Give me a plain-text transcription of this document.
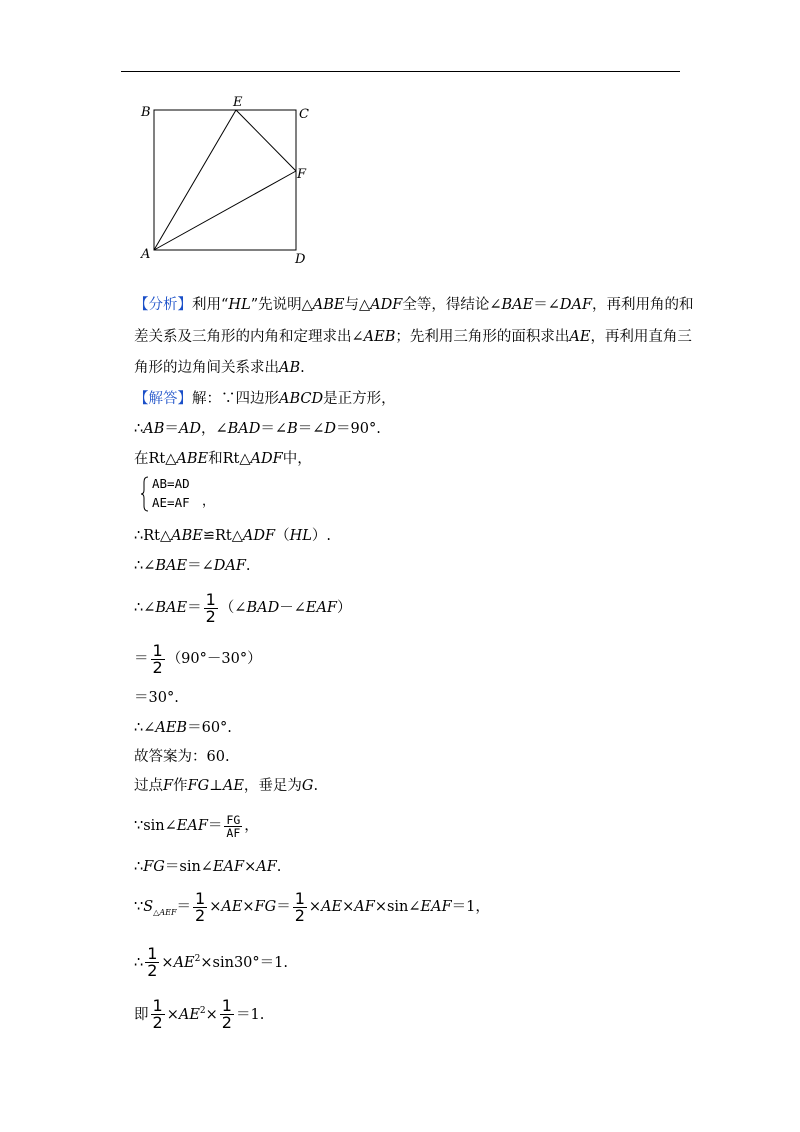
B
E
C
F
A	D
【分析】利用“HL”先说明△ABE与△ADF全等，得结论∠BAE＝∠DAF，再利用角的和
差关系及三角形的内角和定理求出∠AEB；先利用三角形的面积求出AE，再利用直角三
角形的边角间关系求出AB.
【解答】解：∵四边形ABCD是正方形，
∴AB＝AD，∠BAD＝∠B＝∠D＝90°.
在Rt△ABE和Rt△ADF中，
AB=AD
AE=AF ，
∴Rt△ABE≌Rt△ADF（HL）.
∴∠BAE＝∠DAF.
∴∠BAE＝ $\frac{1}{2}$ （∠BAD－∠EAF）
＝ $\frac{1}{2} (90^\circ-30^\circ)$
＝30°.
∴∠AEB＝60°.
故答案为：60.
过点F作FG⊥AE，垂足为G.
∵sin∠EAF＝ $\frac{FG}{AF}$ ，
∴FG＝sin∠EAF×AF.
$\because S_{\triangle AEF}= \frac{1}{2} \times AE\times FG= \frac{1}{2}$ ×AE×AF×sin∠EAF＝1，
∴ $\frac{1}{2} \times AE^2\times\sin 30^\circ=1$.
即 $\frac{1}{2} \times AE^2\times \frac{1}{2} =1$.
